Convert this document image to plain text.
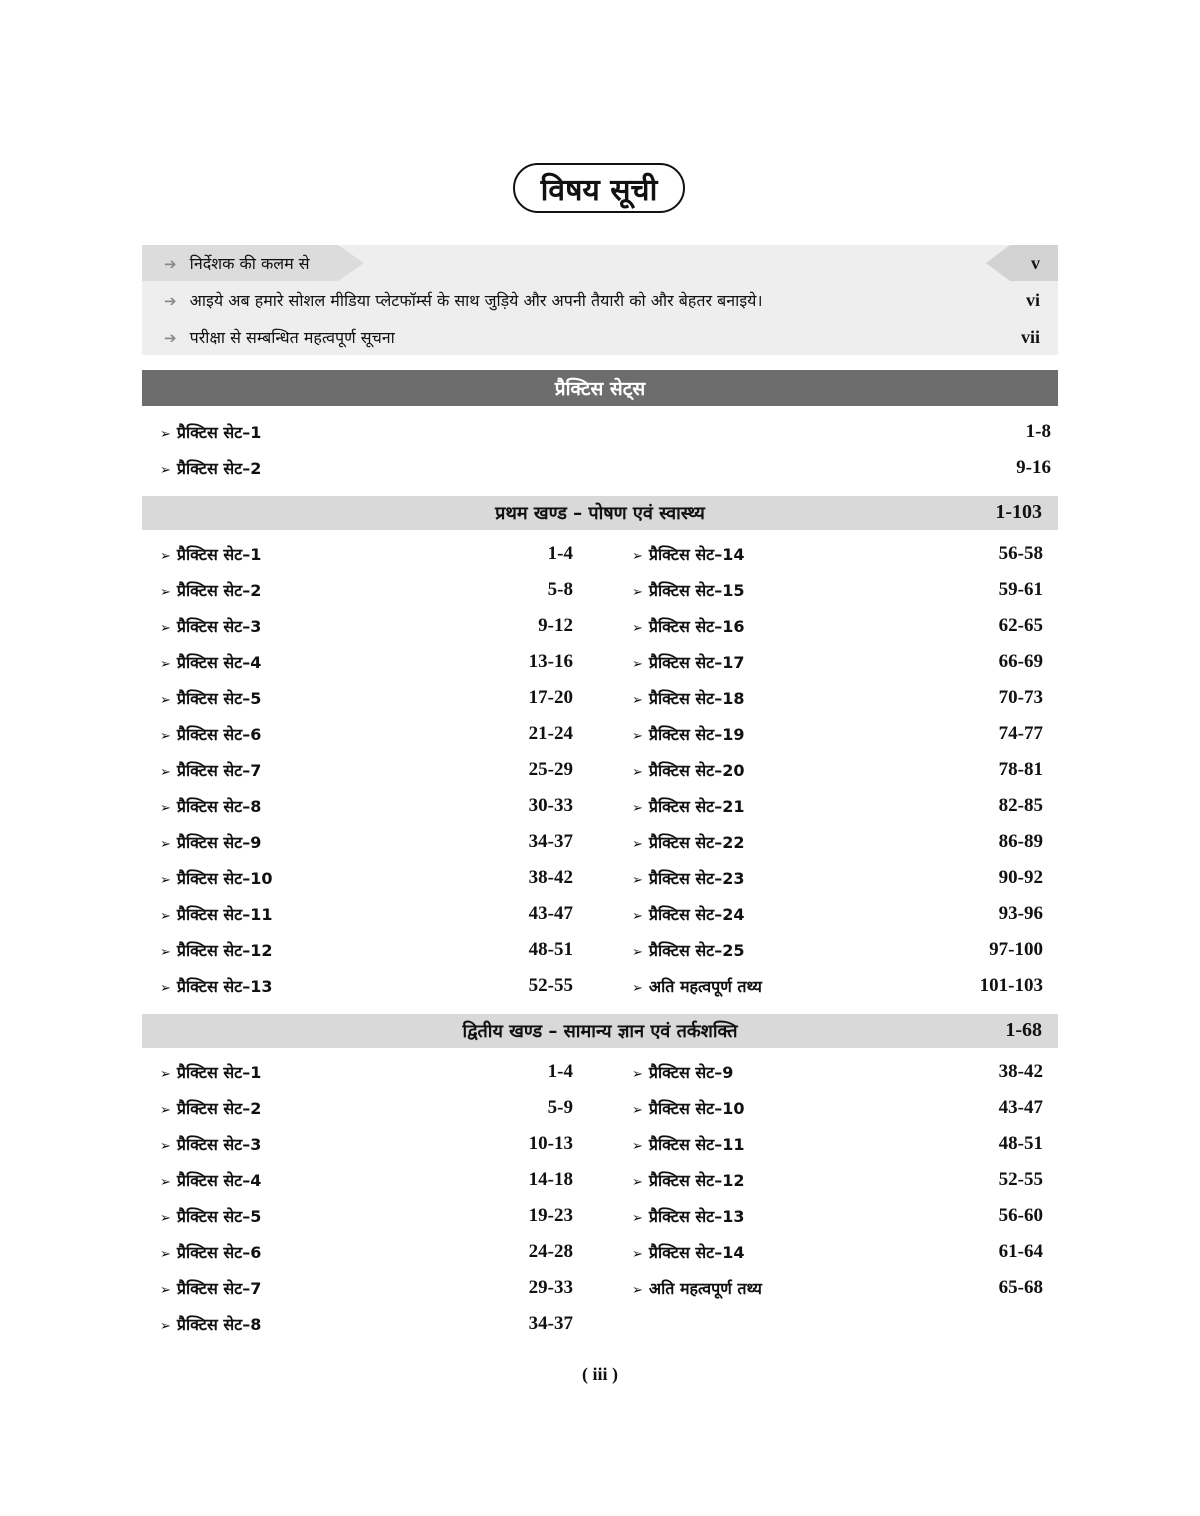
विषय सूची
➔ निर्देशक की कलम से	v
➔ आइये अब हमारे सोशल मीडिया प्लेटफॉर्म्स के साथ जुड़िये और अपनी तैयारी को और बेहतर बनाइये।	vi
➔ परीक्षा से सम्बन्धित महत्वपूर्ण सूचना	vii
प्रैक्टिस सेट्स
➢ प्रैक्टिस सेट–1	1-8
➢ प्रैक्टिस सेट–2	9-16
प्रथम खण्ड – पोषण एवं स्वास्थ्य	1-103
➢ प्रैक्टिस सेट–1	1-4
➢ प्रैक्टिस सेट–2	5-8
➢ प्रैक्टिस सेट–3	9-12
➢ प्रैक्टिस सेट–4	13-16
➢ प्रैक्टिस सेट–5	17-20
➢ प्रैक्टिस सेट–6	21-24
➢ प्रैक्टिस सेट–7	25-29
➢ प्रैक्टिस सेट–8	30-33
➢ प्रैक्टिस सेट–9	34-37
➢ प्रैक्टिस सेट–10	38-42
➢ प्रैक्टिस सेट–11	43-47
➢ प्रैक्टिस सेट–12	48-51
➢ प्रैक्टिस सेट–13	52-55
➢ प्रैक्टिस सेट–14	56-58
➢ प्रैक्टिस सेट–15	59-61
➢ प्रैक्टिस सेट–16	62-65
➢ प्रैक्टिस सेट–17	66-69
➢ प्रैक्टिस सेट–18	70-73
➢ प्रैक्टिस सेट–19	74-77
➢ प्रैक्टिस सेट–20	78-81
➢ प्रैक्टिस सेट–21	82-85
➢ प्रैक्टिस सेट–22	86-89
➢ प्रैक्टिस सेट–23	90-92
➢ प्रैक्टिस सेट–24	93-96
➢ प्रैक्टिस सेट–25	97-100
➢ अति महत्वपूर्ण तथ्य	101-103
द्वितीय खण्ड – सामान्य ज्ञान एवं तर्कशक्ति	1-68
➢ प्रैक्टिस सेट–1	1-4
➢ प्रैक्टिस सेट–2	5-9
➢ प्रैक्टिस सेट–3	10-13
➢ प्रैक्टिस सेट–4	14-18
➢ प्रैक्टिस सेट–5	19-23
➢ प्रैक्टिस सेट–6	24-28
➢ प्रैक्टिस सेट–7	29-33
➢ प्रैक्टिस सेट–8	34-37
➢ प्रैक्टिस सेट–9	38-42
➢ प्रैक्टिस सेट–10	43-47
➢ प्रैक्टिस सेट–11	48-51
➢ प्रैक्टिस सेट–12	52-55
➢ प्रैक्टिस सेट–13	56-60
➢ प्रैक्टिस सेट–14	61-64
➢ अति महत्वपूर्ण तथ्य	65-68
( iii )
